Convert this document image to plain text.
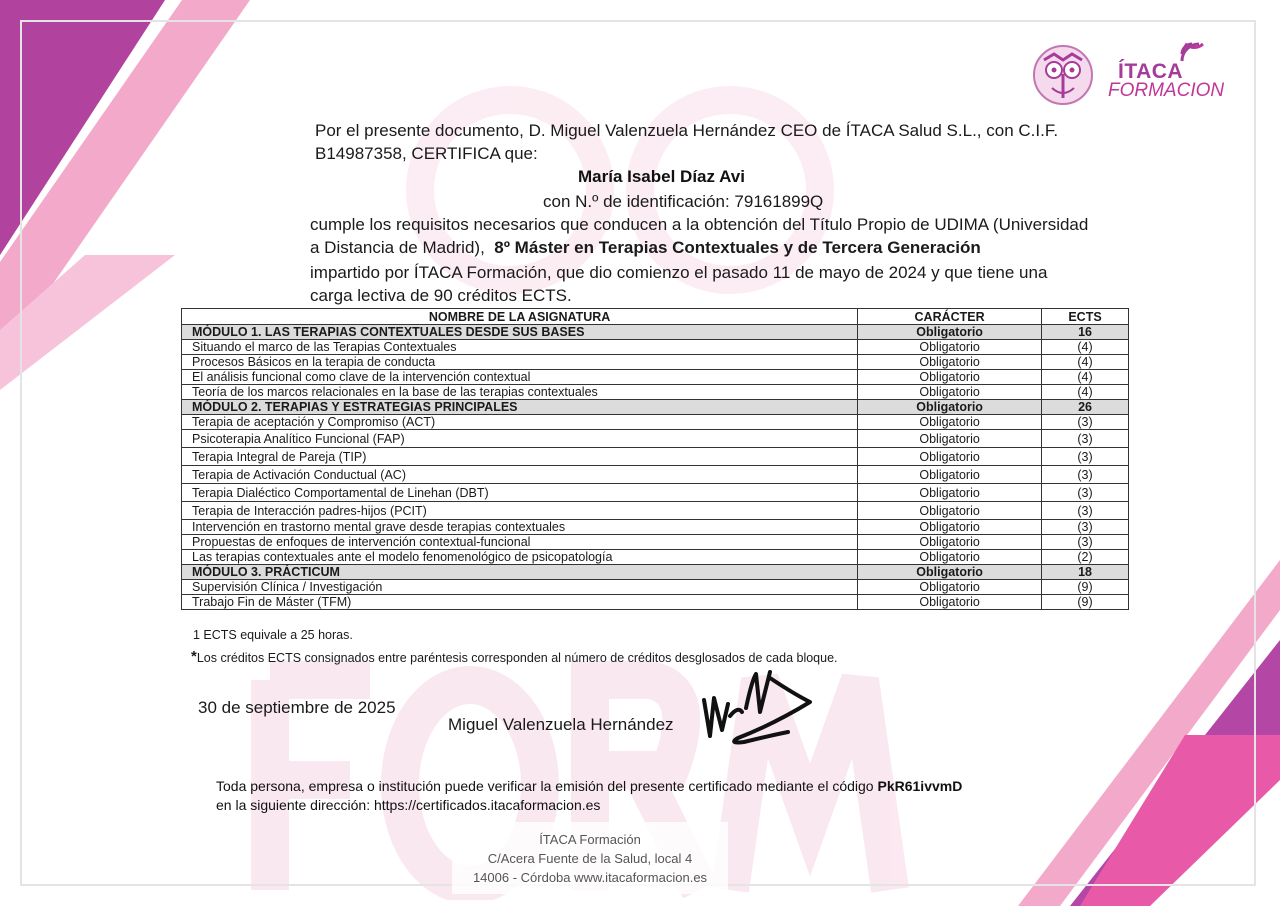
ÍTACA
FORMACION
Por el presente documento, D. Miguel Valenzuela Hernández CEO de ÍTACA Salud S.L., con C.I.F.
B14987358, CERTIFICA que:
María Isabel Díaz Avi
con N.º de identificación: 79161899Q
cumple los requisitos necesarios que conducen a la obtención del Título Propio de UDIMA (Universidad
a Distancia de Madrid), 8º Máster en Terapias Contextuales y de Tercera Generación
impartido por ÍTACA Formación, que dio comienzo el pasado 11 de mayo de 2024 y que tiene una
carga lectiva de 90 créditos ECTS.
NOMBRE DE LA ASIGNATURA	CARÁCTER	ECTS
MÓDULO 1. LAS TERAPIAS CONTEXTUALES DESDE SUS BASES	Obligatorio	16
Situando el marco de las Terapias Contextuales	Obligatorio	(4)
Procesos Básicos en la terapia de conducta	Obligatorio	(4)
El análisis funcional como clave de la intervención contextual	Obligatorio	(4)
Teoría de los marcos relacionales en la base de las terapias contextuales	Obligatorio	(4)
MÓDULO 2. TERAPIAS Y ESTRATEGIAS PRINCIPALES	Obligatorio	26
Terapia de aceptación y Compromiso (ACT)	Obligatorio	(3)
Psicoterapia Analítico Funcional (FAP)	Obligatorio	(3)
Terapia Integral de Pareja (TIP)	Obligatorio	(3)
Terapia de Activación Conductual (AC)	Obligatorio	(3)
Terapia Dialéctico Comportamental de Linehan (DBT)	Obligatorio	(3)
Terapia de Interacción padres-hijos (PCIT)	Obligatorio	(3)
Intervención en trastorno mental grave desde terapias contextuales	Obligatorio	(3)
Propuestas de enfoques de intervención contextual-funcional	Obligatorio	(3)
Las terapias contextuales ante el modelo fenomenológico de psicopatología	Obligatorio	(2)
MÓDULO 3. PRÁCTICUM	Obligatorio	18
Supervisión Clínica / Investigación	Obligatorio	(9)
Trabajo Fin de Máster (TFM)	Obligatorio	(9)
1 ECTS equivale a 25 horas.
*Los créditos ECTS consignados entre paréntesis corresponden al número de créditos desglosados de cada bloque.
30 de septiembre de 2025
Miguel Valenzuela Hernández
Toda persona, empresa o institución puede verificar la emisión del presente certificado mediante el código PkR61ivvmD
en la siguiente dirección: https://certificados.itacaformacion.es
ÍTACA Formación
C/Acera Fuente de la Salud, local 4
14006 - Córdoba www.itacaformacion.es
